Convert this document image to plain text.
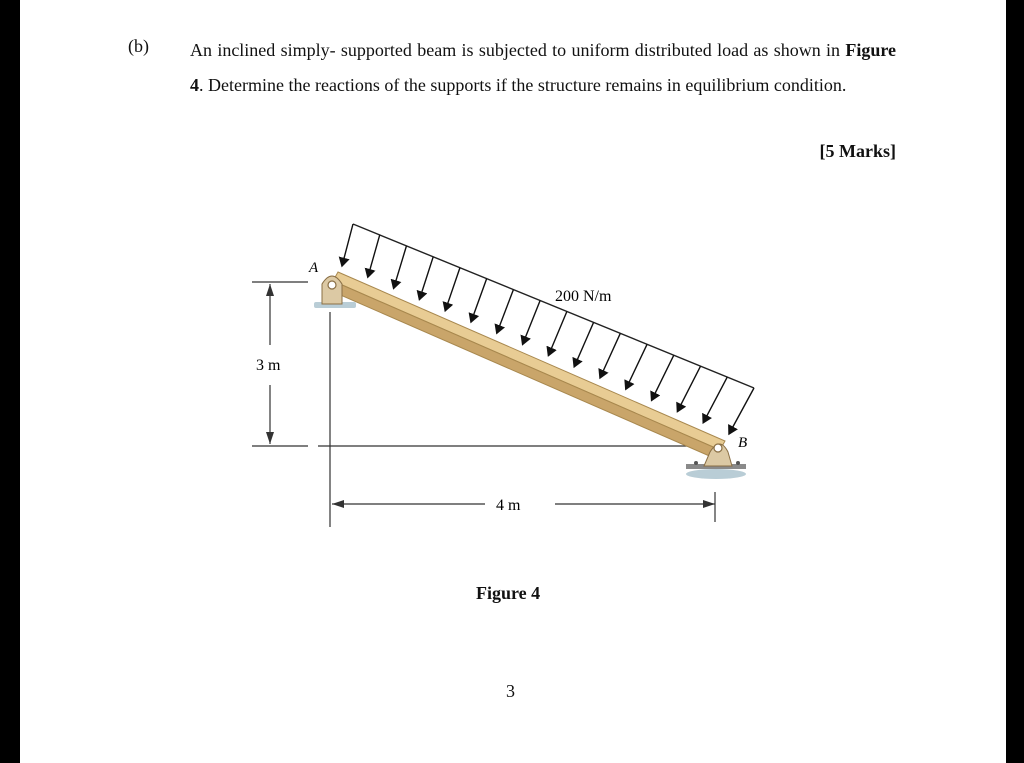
(b) An inclined simply- supported beam is subjected to uniform distributed load as shown in Figure 4. Determine the reactions of the supports if the structure remains in equilibrium condition.
[5 Marks]
3 m
4 m
200 N/m
A
B
Figure 4
3
